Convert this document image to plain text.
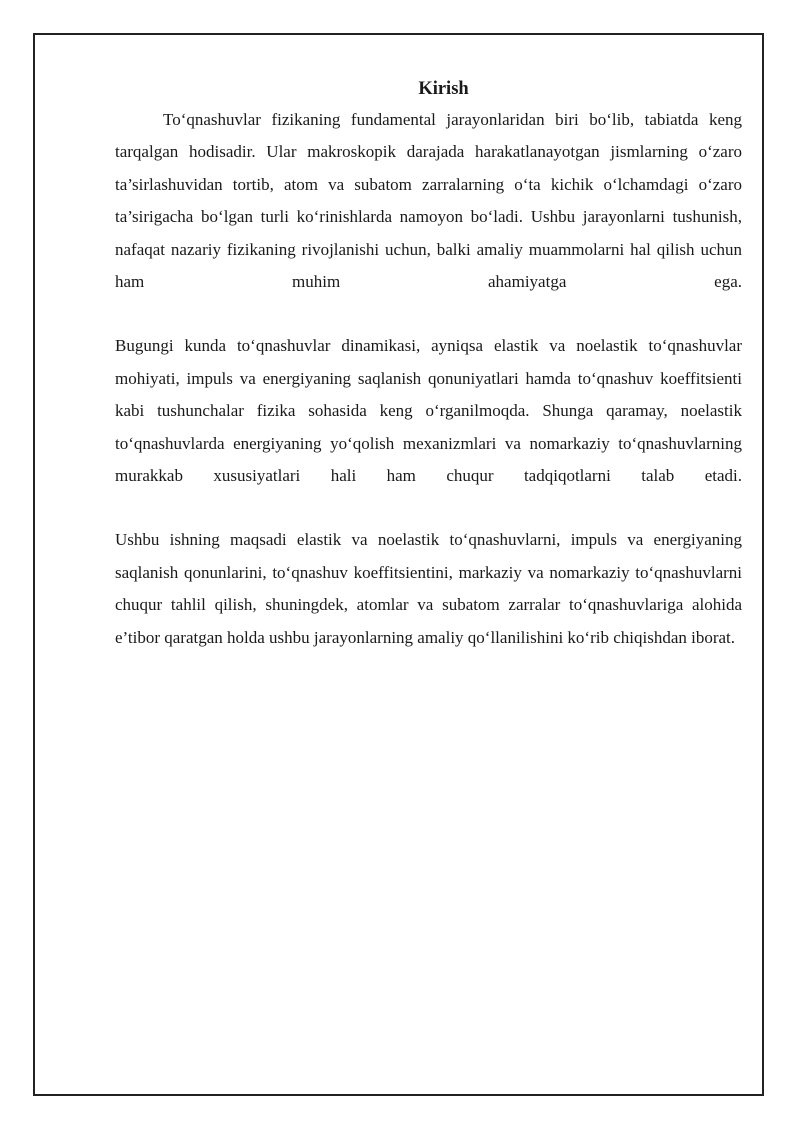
Kirish

To‘qnashuvlar fizikaning fundamental jarayonlaridan biri bo‘lib, tabiatda keng tarqalgan hodisadir. Ular makroskopik darajada harakatlanayotgan jismlarning o‘zaro ta’sirlashuvidan tortib, atom va subatom zarralarning o‘ta kichik o‘lchamdagi o‘zaro ta’sirigacha bo‘lgan turli ko‘rinishlarda namoyon bo‘ladi. Ushbu jarayonlarni tushunish, nafaqat nazariy fizikaning rivojlanishi uchun, balki amaliy muammolarni hal qilish uchun ham muhim ahamiyatga ega.

Bugungi kunda to‘qnashuvlar dinamikasi, ayniqsa elastik va noelastik to‘qnashuvlar mohiyati, impuls va energiyaning saqlanish qonuniyatlari hamda to‘qnashuv koeffitsienti kabi tushunchalar fizika sohasida keng o‘rganilmoqda. Shunga qaramay, noelastik to‘qnashuvlarda energiyaning yo‘qolish mexanizmlari va nomarkaziy to‘qnashuvlarning murakkab xususiyatlari hali ham chuqur tadqiqotlarni talab etadi.

Ushbu ishning maqsadi elastik va noelastik to‘qnashuvlarni, impuls va energiyaning saqlanish qonunlarini, to‘qnashuv koeffitsientini, markaziy va nomarkaziy to‘qnashuvlarni chuqur tahlil qilish, shuningdek, atomlar va subatom zarralar to‘qnashuvlariga alohida e’tibor qaratgan holda ushbu jarayonlarning amaliy qo‘llanilishini ko‘rib chiqishdan iborat.
